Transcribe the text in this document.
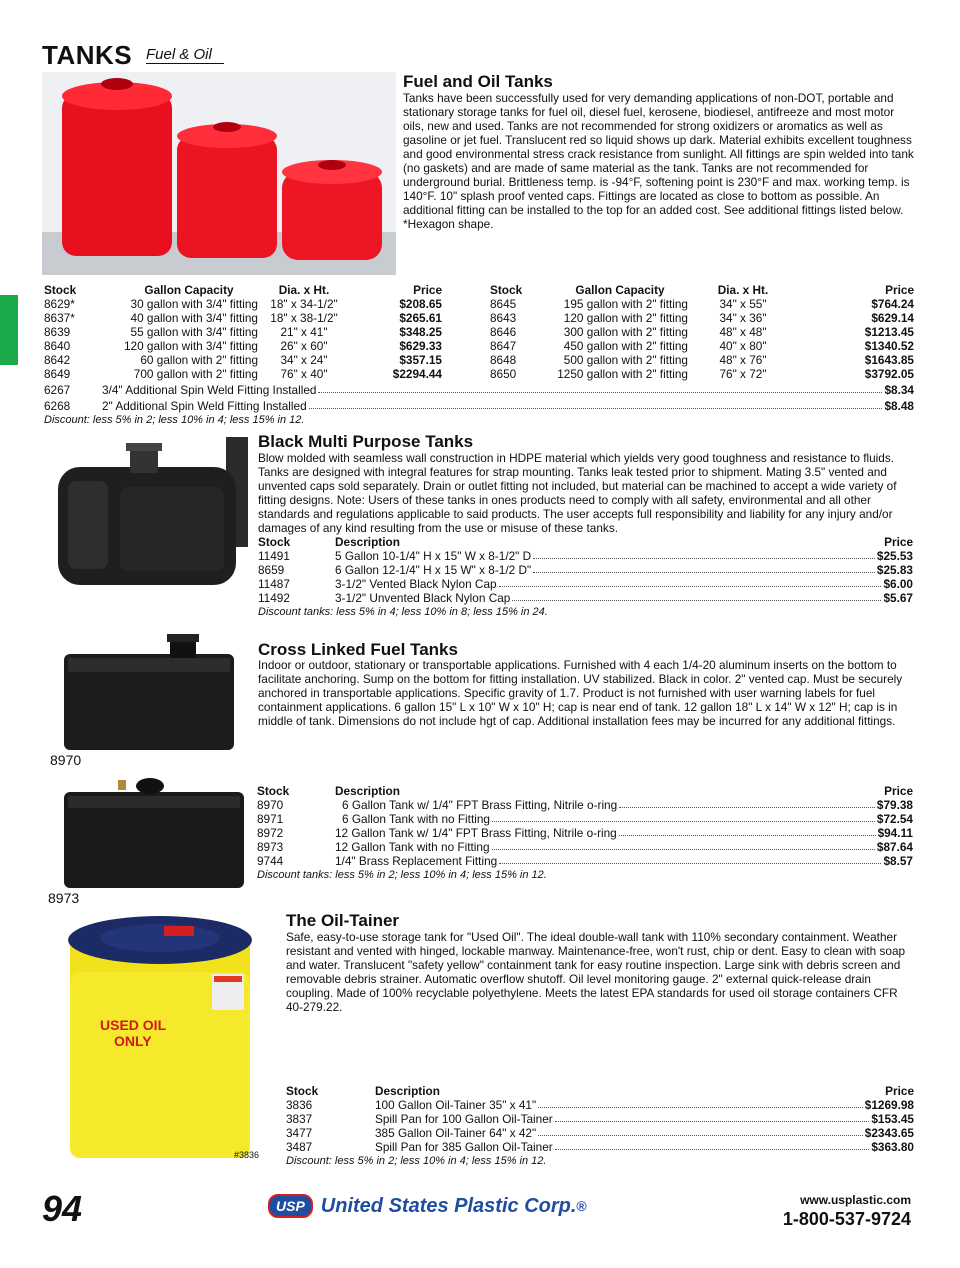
TANKS Fuel & Oil
Fuel and Oil Tanks
Tanks have been successfully used for very demanding applications of non-DOT, portable and stationary storage tanks for fuel oil, diesel fuel, kerosene, biodiesel, antifreeze and most motor oils, new and used. Tanks are not recommended for strong oxidizers or aromatics as well as gasoline or jet fuel. Translucent red so liquid shows up dark. Material exhibits excellent toughness and good environmental stress crack resistance from sunlight. All fittings are spin welded into tank (no gaskets) and are made of same material as the tank. Tanks are not recommended for underground burial. Brittleness temp. is -94°F, softening point is 230°F and max. working temp. is 140°F. 10" splash proof vented caps. Fittings are located as close to bottom as possible. An additional fitting can be installed to the top for an added cost. See additional fittings listed below. *Hexagon shape.
Stock	Gallon Capacity	Dia. x Ht.	Price	Stock	Gallon Capacity	Dia. x Ht.	Price
8629*	30 gallon with 3/4" fitting	18" x 34-1/2"	$208.65	8645	195 gallon with 2" fitting	34" x 55"	$764.24
8637*	40 gallon with 3/4" fitting	18" x 38-1/2"	$265.61	8643	120 gallon with 2" fitting	34" x 36"	$629.14
8639	55 gallon with 3/4" fitting	21" x 41"	$348.25	8646	300 gallon with 2" fitting	48" x 48"	$1213.45
8640	120 gallon with 3/4" fitting	26" x 60"	$629.33	8647	450 gallon with 2" fitting	40" x 80"	$1340.52
8642	60 gallon with 2" fitting	34" x 24"	$357.15	8648	500 gallon with 2" fitting	48" x 76"	$1643.85
8649	700 gallon with 2" fitting	76" x 40"	$2294.44	8650	1250 gallon with 2" fitting	76" x 72"	$3792.05
6267	3/4" Additional Spin Weld Fitting Installed	$8.34
6268	2" Additional Spin Weld Fitting Installed	$8.48
Discount: less 5% in 2; less 10% in 4; less 15% in 12.
Black Multi Purpose Tanks
Blow molded with seamless wall construction in HDPE material which yields very good toughness and resistance to fluids. Tanks are designed with integral features for strap mounting. Tanks leak tested prior to shipment. Mating 3.5" vented and unvented caps sold separately. Drain or outlet fitting not included, but material can be machined to accept a wide variety of fitting designs. Note: Users of these tanks in ones products need to comply with all safety, environmental and all other standards and regulations applicable to said products. The user accepts full responsibility and liability for any injury and/or damages of any kind resulting from the use or misuse of these tanks.
Stock	Description	Price
11491	5 Gallon 10-1/4" H x 15" W x 8-1/2" D	$25.53
8659	6 Gallon 12-1/4" H x 15 W" x 8-1/2 D"	$25.83
11487	3-1/2" Vented Black Nylon Cap	$6.00
11492	3-1/2" Unvented Black Nylon Cap	$5.67
Discount tanks: less 5% in 4; less 10% in 8; less 15% in 24.
8970
8973
Cross Linked Fuel Tanks
Indoor or outdoor, stationary or transportable applications. Furnished with 4 each 1/4-20 aluminum inserts on the bottom to facilitate anchoring. Sump on the bottom for fitting installation. UV stabilized. Black in color. 2" vented cap. Must be securely anchored in transportable applications. Specific gravity of 1.7. Product is not furnished with user warning labels for fuel containment applications. 6 gallon 15" L x 10" W x 10" H; cap is near end of tank. 12 gallon 18" L x 14" W x 12" H; cap is in middle of tank. Dimensions do not include hgt of cap. Additional installation fees may be incurred for any additional fittings.
Stock	Description	Price
8970	6 Gallon Tank w/ 1/4" FPT Brass Fitting, Nitrile o-ring	$79.38
8971	6 Gallon Tank with no Fitting	$72.54
8972	12 Gallon Tank w/ 1/4" FPT Brass Fitting, Nitrile o-ring	$94.11
8973	12 Gallon Tank with no Fitting	$87.64
9744	1/4" Brass Replacement Fitting	$8.57
Discount tanks: less 5% in 2; less 10% in 4; less 15% in 12.
USED OIL
ONLY
#3836
The Oil-Tainer
Safe, easy-to-use storage tank for "Used Oil". The ideal double-wall tank with 110% secondary containment. Weather resistant and vented with hinged, lockable manway. Maintenance-free, won't rust, chip or dent. Easy to clean with soap and water. Translucent "safety yellow" containment tank for easy routine inspection. Large sink with debris screen and removable debris strainer. Automatic overflow shutoff. Oil level monitoring gauge. 2" external quick-release drain coupling. Made of 100% recyclable polyethylene. Meets the latest EPA standards for used oil storage containers CFR 40-279.22.
Stock	Description	Price
3836	100 Gallon Oil-Tainer 35" x 41"	$1269.98
3837	Spill Pan for 100 Gallon Oil-Tainer	$153.45
3477	385 Gallon Oil-Tainer 64" x 42"	$2343.65
3487	Spill Pan for 385 Gallon Oil-Tainer	$363.80
Discount: less 5% in 2; less 10% in 4; less 15% in 12.
94	USP United States Plastic Corp. ®	www.usplastic.com
1-800-537-9724
